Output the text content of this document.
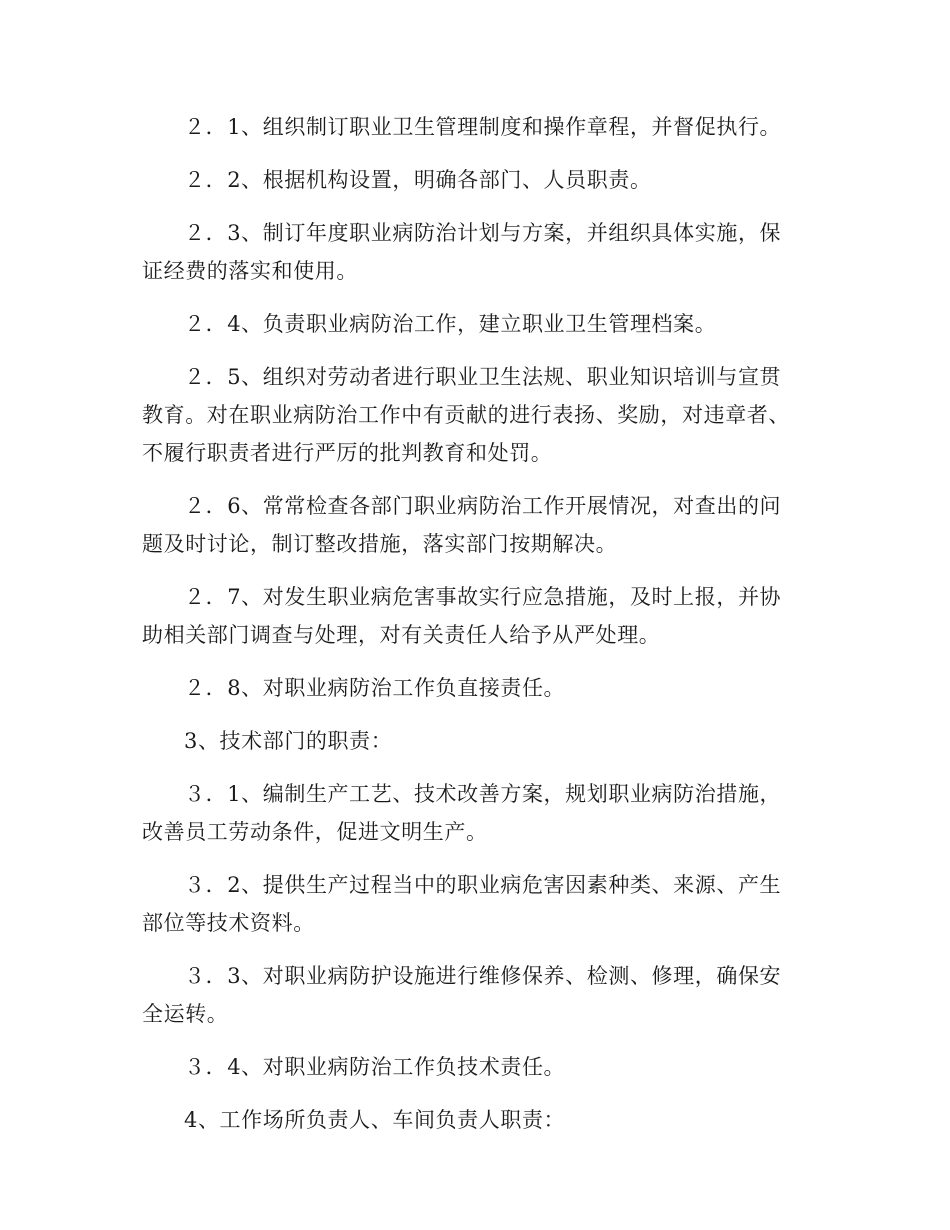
２．1、组织制订职业卫生管理制度和操作章程，并督促执行。

２．2、根据机构设置，明确各部门、人员职责。

２．3、制订年度职业病防治计划与方案，并组织具体实施，保证经费的落实和使用。

２．4、负责职业病防治工作，建立职业卫生管理档案。

２．5、组织对劳动者进行职业卫生法规、职业知识培训与宣贯教育。对在职业病防治工作中有贡献的进行表扬、奖励，对违章者、不履行职责者进行严厉的批判教育和处罚。

２．6、常常检查各部门职业病防治工作开展情况，对查出的问题及时讨论，制订整改措施，落实部门按期解决。

２．7、对发生职业病危害事故实行应急措施，及时上报，并协助相关部门调查与处理，对有关责任人给予从严处理。

２．8、对职业病防治工作负直接责任。

3、技术部门的职责：

３．1、编制生产工艺、技术改善方案，规划职业病防治措施，改善员工劳动条件，促进文明生产。

３．2、提供生产过程当中的职业病危害因素种类、来源、产生部位等技术资料。

３．3、对职业病防护设施进行维修保养、检测、修理，确保安全运转。

３．4、对职业病防治工作负技术责任。

4、工作场所负责人、车间负责人职责：
